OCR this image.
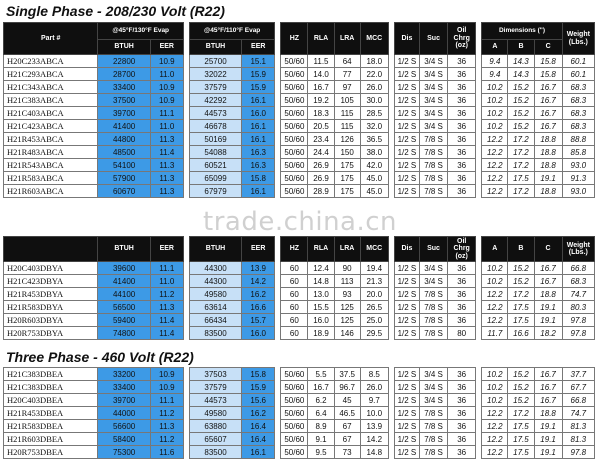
Single Phase - 208/230 Volt (R22)
Part #	@45°F/130°F Evap			@45°F/110°F Evap			HZ	RLA	LRA	MCC		Dis	Suc	Oil Chrg (oz)		Dimensions (")			Weight (Lbs.)
	BTUH	EER		BTUH	EER											A	B	C	
H20C233ABCA	22800	10.9		25700	15.1		50/60	11.5	64	18.0		1/2 S	3/4 S	36		9.4	14.3	15.8	60.1
H21C293ABCA	28700	11.0		32022	15.9		50/60	14.0	77	22.0		1/2 S	3/4 S	36		9.4	14.3	15.8	60.1
H21C343ABCA	33400	10.9		37579	15.9		50/60	16.7	97	26.0		1/2 S	3/4 S	36		10.2	15.2	16.7	68.3
H21C383ABCA	37500	10.9		42292	16.1		50/60	19.2	105	30.0		1/2 S	3/4 S	36		10.2	15.2	16.7	68.3
H21C403ABCA	39700	11.1		44573	16.0		50/60	18.3	115	28.5		1/2 S	3/4 S	36		10.2	15.2	16.7	68.3
H21C423ABCA	41400	11.0		46678	16.1		50/60	20.5	115	32.0		1/2 S	3/4 S	36		10.2	15.2	16.7	68.3
H21R453ABCA	44800	11.3		50169	16.1		50/60	23.4	126	36.5		1/2 S	7/8 S	36		12.2	17.2	18.8	88.8
H21R483ABCA	48500	11.4		54088	16.3		50/60	24.4	150	38.0		1/2 S	7/8 S	36		12.2	17.2	18.8	85.8
H21R543ABCA	54100	11.3		60521	16.3		50/60	26.9	175	42.0		1/2 S	7/8 S	36		12.2	17.2	18.8	93.0
H21R583ABCA	57900	11.3		65099	15.8		50/60	26.9	175	45.0		1/2 S	7/8 S	36		12.2	17.5	19.1	91.3
H21R603ABCA	60670	11.3		67979	16.1		50/60	28.9	175	45.0		1/2 S	7/8 S	36		12.2	17.2	18.8	93.0
trade.china.cn
	BTUH	EER		BTUH	EER		HZ	RLA	LRA	MCC		Dis	Suc	Oil Chrg (oz)		A	B	C	Weight (Lbs.)
H20C403DBYA	39600	11.1		44300	13.9		60	12.4	90	19.4		1/2 S	3/4 S	36		10.2	15.2	16.7	66.8
H21C423DBYA	41400	11.0		44300	14.2		60	14.8	113	21.3		1/2 S	3/4 S	36		10.2	15.2	16.7	68.3
H21R453DBYA	44100	11.2		49580	16.2		60	13.0	93	20.0		1/2 S	7/8 S	36		12.2	17.2	18.8	74.7
H21R583DBYA	56500	11.3		63614	16.6		60	15.5	125	26.5		1/2 S	7/8 S	36		12.2	17.5	19.1	80.3
H20R603DBYA	59400	11.4		66434	15.7		60	16.0	125	25.0		1/2 S	7/8 S	36		12.2	17.5	19.1	97.8
H20R753DBYA	74800	11.4		83500	16.0		60	18.9	146	29.5		1/2 S	7/8 S	80		11.7	16.6	18.2	97.8
Three Phase - 460 Volt (R22)
H21C383DBEA	33200	10.9		37503	15.8		50/60	5.5	37.5	8.5		1/2 S	3/4 S	36		10.2	15.2	16.7	37.7
H21C383DBEA	33400	10.9		37579	15.9		50/60	16.7	96.7	26.0		1/2 S	3/4 S	36		10.2	15.2	16.7	67.7
H20C403DBEA	39700	11.1		44573	15.6		50/60	6.2	45	9.7		1/2 S	3/4 S	36		10.2	15.2	16.7	66.8
H21R453DBEA	44000	11.2		49580	16.2		50/60	6.4	46.5	10.0		1/2 S	7/8 S	36		12.2	17.2	18.8	74.7
H21R583DBEA	56600	11.3		63880	16.4		50/60	8.9	67	13.9		1/2 S	7/8 S	36		12.2	17.5	19.1	81.3
H21R603DBEA	58400	11.2		65607	16.4		50/60	9.1	67	14.2		1/2 S	7/8 S	36		12.2	17.5	19.1	81.3
H20R753DBEA	75300	11.6		83500	16.1		50/60	9.5	73	14.8		1/2 S	7/8 S	36		12.2	17.5	19.1	97.8
